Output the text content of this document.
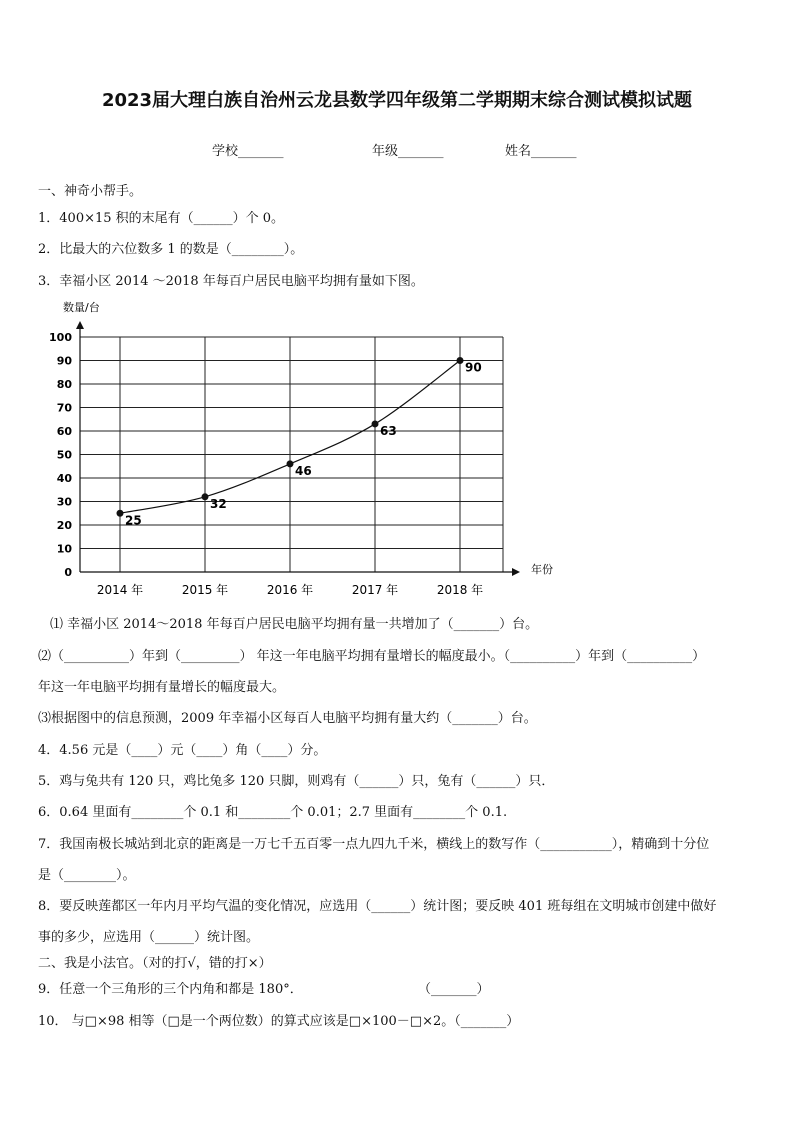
2023届大理白族自治州云龙县数学四年级第二学期期末综合测试模拟试题
学校_______	年级_______	姓名_______
一、神奇小帮手。
1．400×15 积的末尾有（______）个 0。
2．比最大的六位数多 1 的数是（________）。
3．幸福小区 2014 ～2018 年每百户居民电脑平均拥有量如下图。
0
10
20
30
40
50
60
70
80
90
100
2014 年	2015 年	2016 年	2017 年	2018 年
25
32
46
63
90
数量/台
年份
⑴ 幸福小区 2014～2018 年每百户居民电脑平均拥有量一共增加了（_______）台。
⑵（__________）年到（_________） 年这一年电脑平均拥有量增长的幅度最小。（__________）年到（__________）
年这一年电脑平均拥有量增长的幅度最大。
⑶根据图中的信息预测，2009 年幸福小区每百人电脑平均拥有量大约（_______）台。
4．4.56 元是（____）元（____）角（____）分。
5．鸡与兔共有 120 只，鸡比兔多 120 只脚，则鸡有（______）只，兔有（______）只．
6．0.64 里面有________个 0.1 和________个 0.01；2.7 里面有________个 0.1.
7．我国南极长城站到北京的距离是一万七千五百零一点九四九千米，横线上的数写作（___________），精确到十分位
是（________）。
8．要反映莲都区一年内月平均气温的变化情况，应选用（______）统计图；要反映 401 班每组在文明城市创建中做好
事的多少，应选用（______）统计图。
二、我是小法官。（对的打√，错的打×）
9．任意一个三角形的三个内角和都是 180°．	（_______）
10． 与□×98 相等（□是一个两位数）的算式应该是□×100－□×2。（_______）
